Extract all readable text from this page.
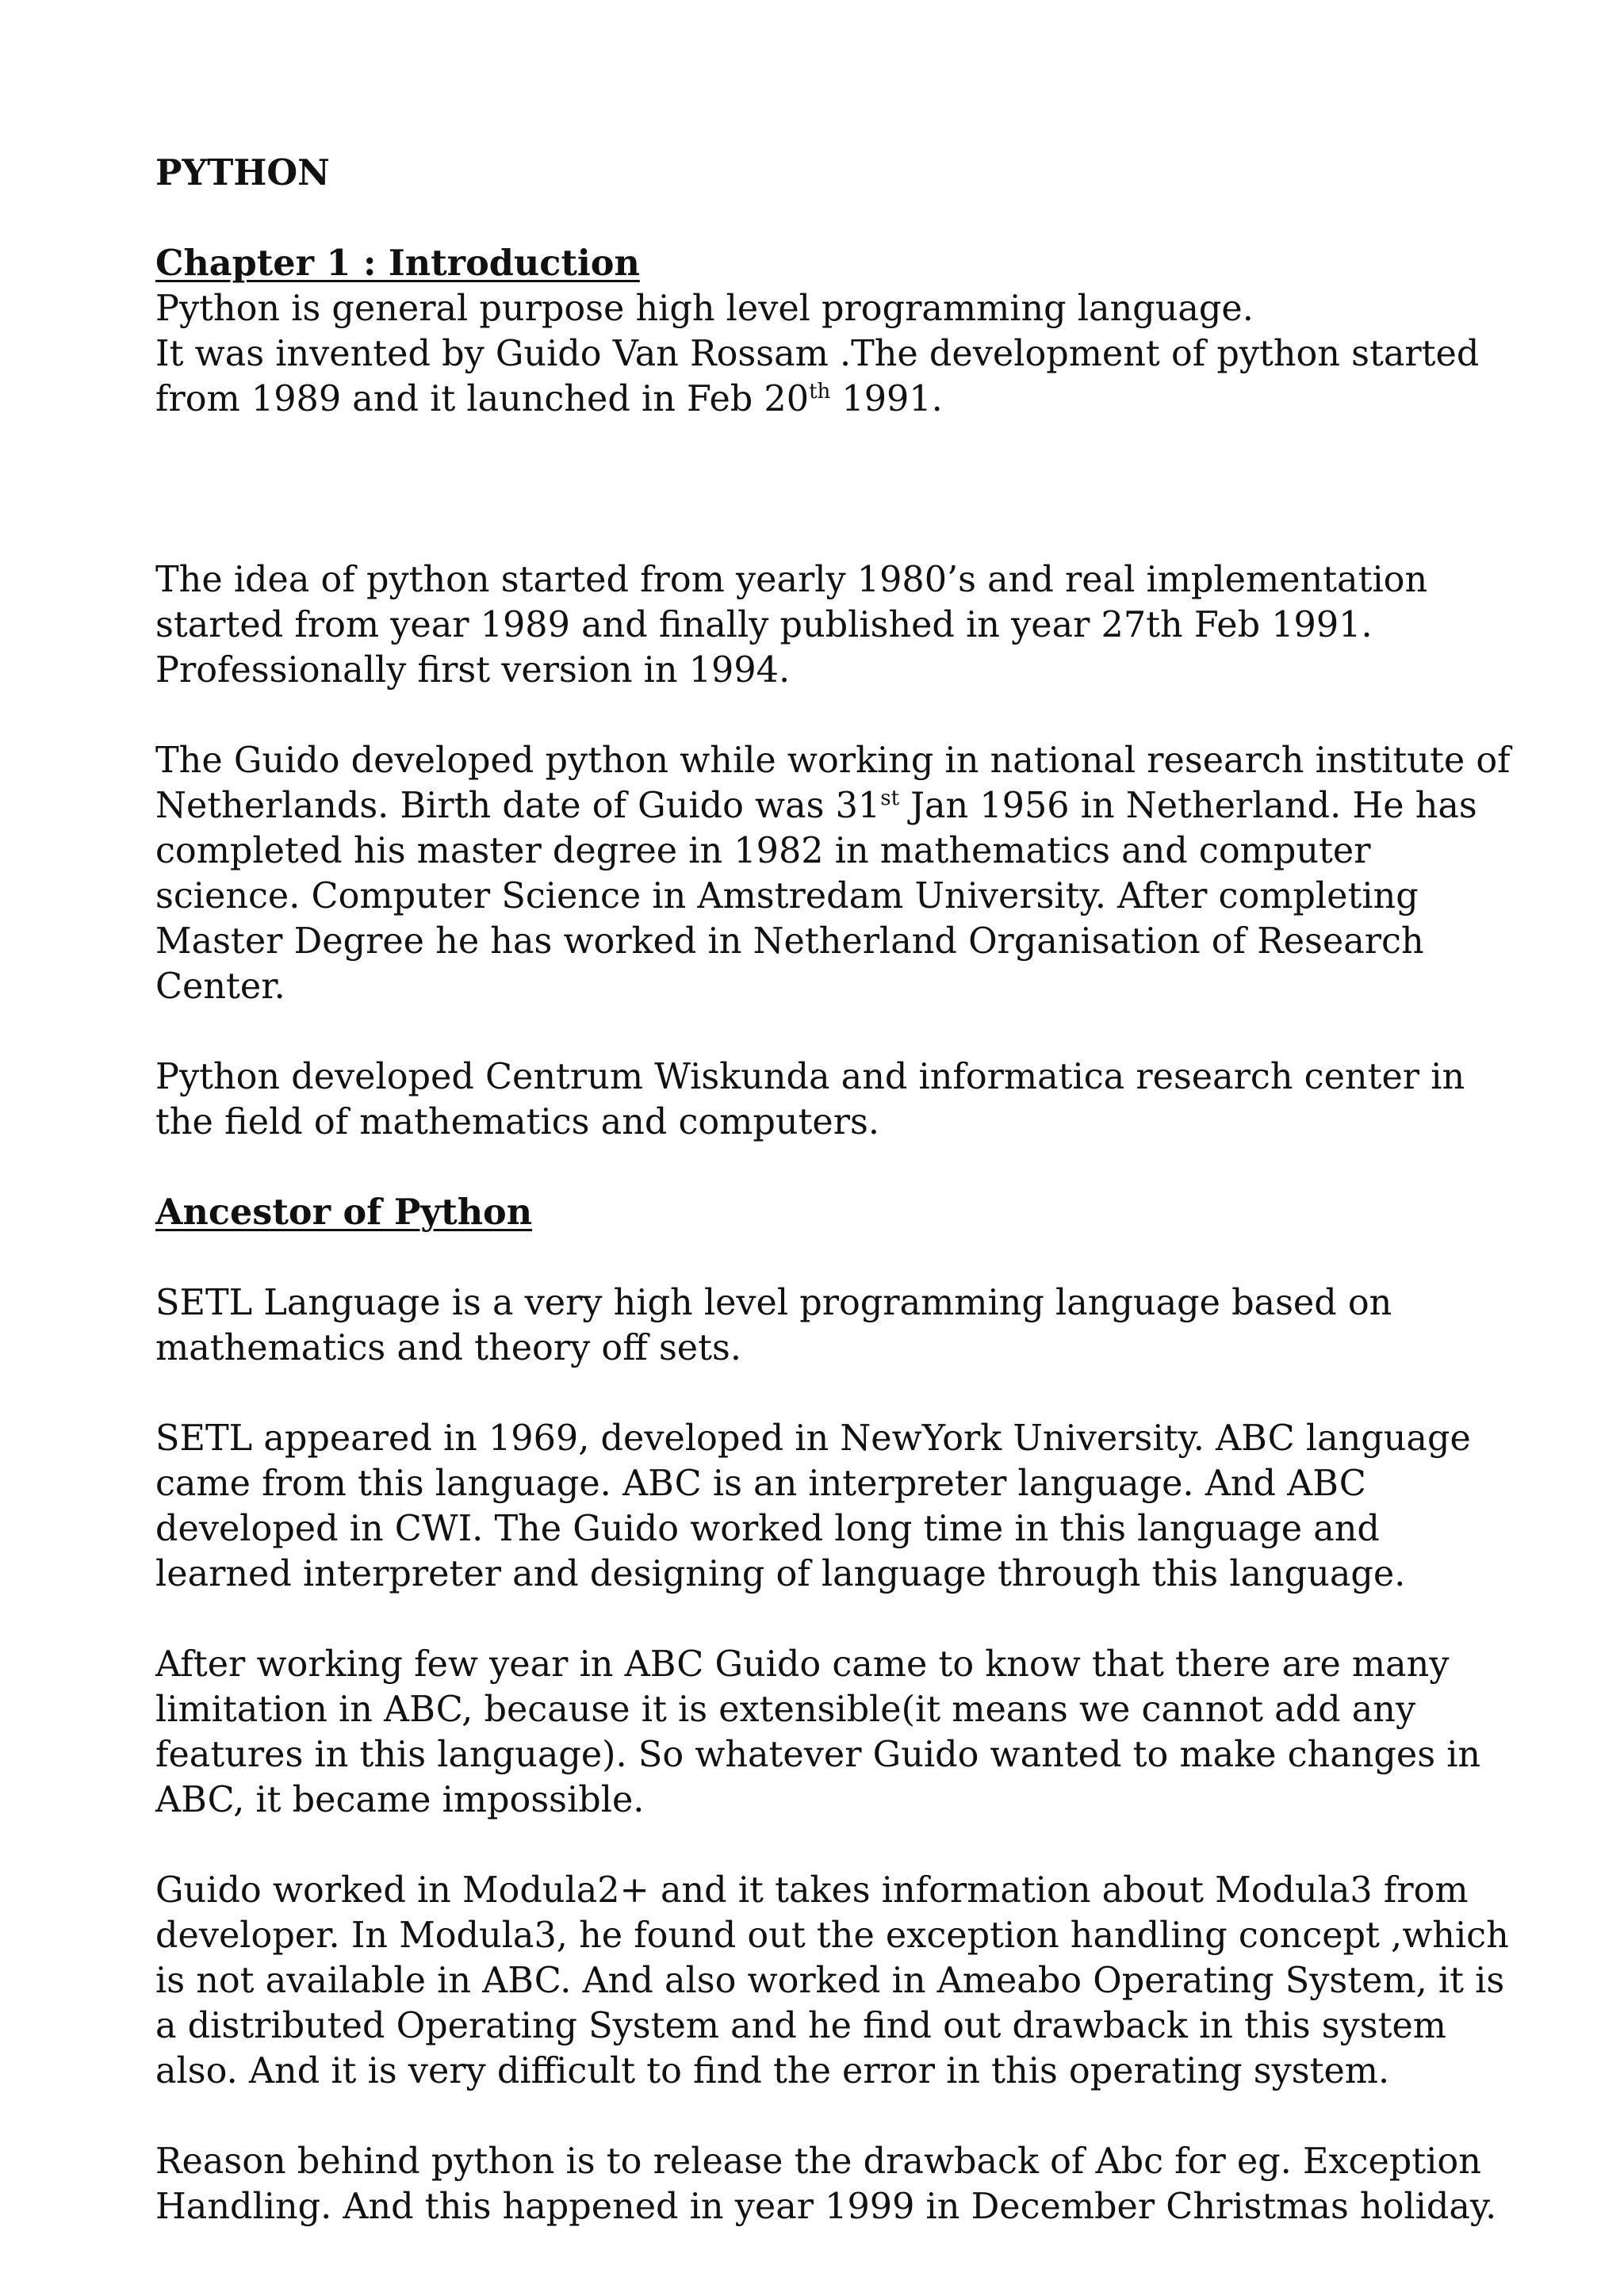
PYTHON

Chapter 1 : Introduction

Python is general purpose high level programming language.

It was invented by Guido Van Rossam .The development of python started from 1989 and it launched in Feb 20th 1991.

The idea of python started from yearly 1980’s and real implementation started from year 1989 and finally published in year 27th Feb 1991. Professionally first version in 1994.

The Guido developed python while working in national research institute of Netherlands. Birth date of Guido was 31st Jan 1956 in Netherland. He has completed his master degree in 1982 in mathematics and computer science. Computer Science in Amstredam University. After completing Master Degree he has worked in Netherland Organisation of Research Center.

Python developed Centrum Wiskunda and informatica research center in the field of mathematics and computers.

Ancestor of Python

SETL Language is a very high level programming language based on mathematics and theory off sets.

SETL appeared in 1969, developed in NewYork University. ABC language came from this language. ABC is an interpreter language. And ABC developed in CWI. The Guido worked long time in this language and learned interpreter and designing of language through this language.

After working few year in ABC Guido came to know that there are many limitation in ABC, because it is extensible(it means we cannot add any features in this language). So whatever Guido wanted to make changes in ABC, it became impossible.

Guido worked in Modula2+ and it takes information about Modula3 from developer. In Modula3, he found out the exception handling concept ,which is not available in ABC. And also worked in Ameabo Operating System, it is a distributed Operating System and he find out drawback in this system also. And it is very difficult to find the error in this operating system.

Reason behind python is to release the drawback of Abc for eg. Exception Handling. And this happened in year 1999 in December Christmas holiday.
